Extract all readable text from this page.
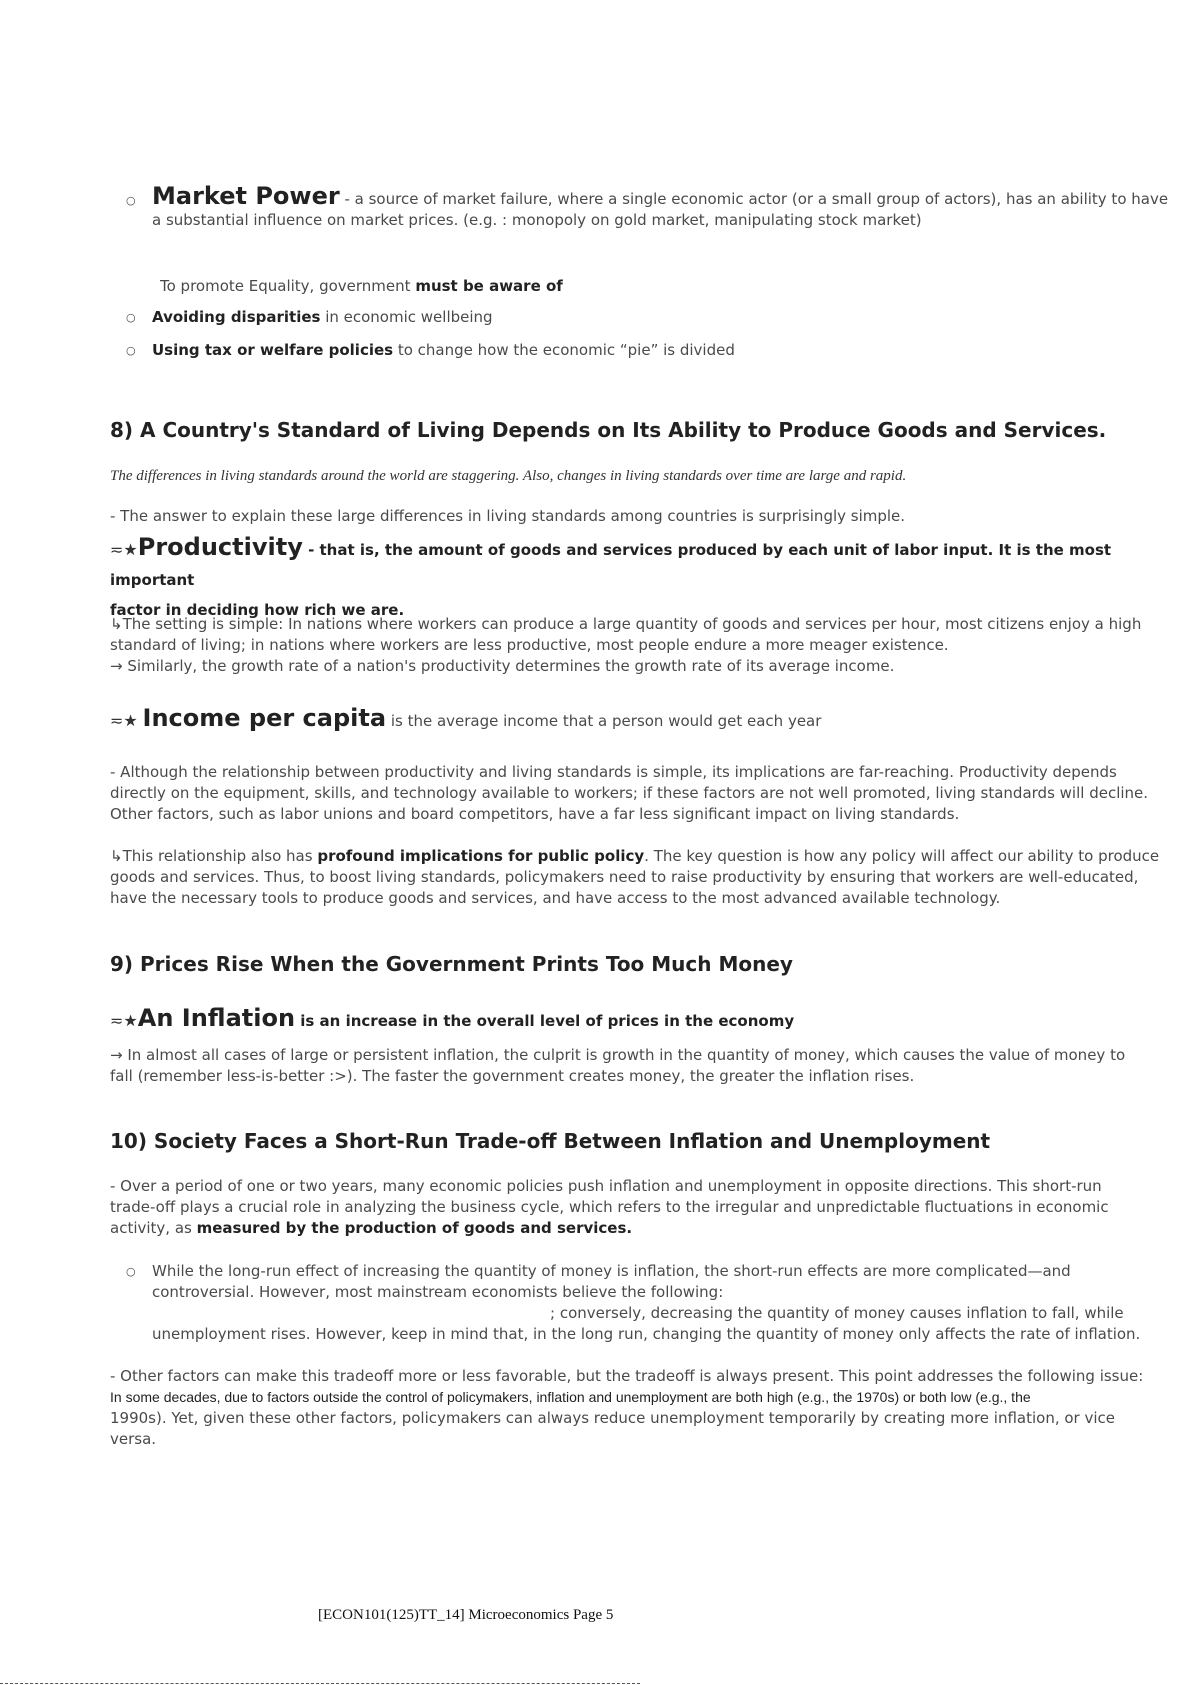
○ Market Power - a source of market failure, where a single economic actor (or a small group of actors), has an ability to have
a substantial influence on market prices. (e.g. : monopoly on gold market, manipulating stock market)
To promote Equality, government must be aware of
○ Avoiding disparities in economic wellbeing
○ Using tax or welfare policies to change how the economic “pie” is divided
8) A Country's Standard of Living Depends on Its Ability to Produce Goods and Services.
The differences in living standards around the world are staggering. Also, changes in living standards over time are large and rapid.
- The answer to explain these large differences in living standards among countries is surprisingly simple.
≂★Productivity - that is, the amount of goods and services produced by each unit of labor input. It is the most important
factor in deciding how rich we are.
↳The setting is simple: In nations where workers can produce a large quantity of goods and services per hour, most citizens enjoy a high
standard of living; in nations where workers are less productive, most people endure a more meager existence.
→ Similarly, the growth rate of a nation's productivity determines the growth rate of its average income.
≂★ Income per capita is the average income that a person would get each year
- Although the relationship between productivity and living standards is simple, its implications are far-reaching. Productivity depends
directly on the equipment, skills, and technology available to workers; if these factors are not well promoted, living standards will decline.
Other factors, such as labor unions and board competitors, have a far less significant impact on living standards.
↳This relationship also has profound implications for public policy. The key question is how any policy will affect our ability to produce
goods and services. Thus, to boost living standards, policymakers need to raise productivity by ensuring that workers are well-educated,
have the necessary tools to produce goods and services, and have access to the most advanced available technology.
9) Prices Rise When the Government Prints Too Much Money
≂★An Inflation is an increase in the overall level of prices in the economy
→ In almost all cases of large or persistent inflation, the culprit is growth in the quantity of money, which causes the value of money to
fall (remember less-is-better :>). The faster the government creates money, the greater the inflation rises.
10) Society Faces a Short-Run Trade-off Between Inflation and Unemployment
- Over a period of one or two years, many economic policies push inflation and unemployment in opposite directions. This short-run
trade-off plays a crucial role in analyzing the business cycle, which refers to the irregular and unpredictable fluctuations in economic
activity, as measured by the production of goods and services.
○ While the long-run effect of increasing the quantity of money is inflation, the short-run effects are more complicated—and
controversial. However, most mainstream economists believe the following:
; conversely, decreasing the quantity of money causes inflation to fall, while
unemployment rises. However, keep in mind that, in the long run, changing the quantity of money only affects the rate of inflation.
- Other factors can make this tradeoff more or less favorable, but the tradeoff is always present. This point addresses the following issue:
In some decades, due to factors outside the control of policymakers, inflation and unemployment are both high (e.g., the 1970s) or both low (e.g., the
1990s). Yet, given these other factors, policymakers can always reduce unemployment temporarily by creating more inflation, or vice
versa.
[ECON101(125)TT_14] Microeconomics Page 5
